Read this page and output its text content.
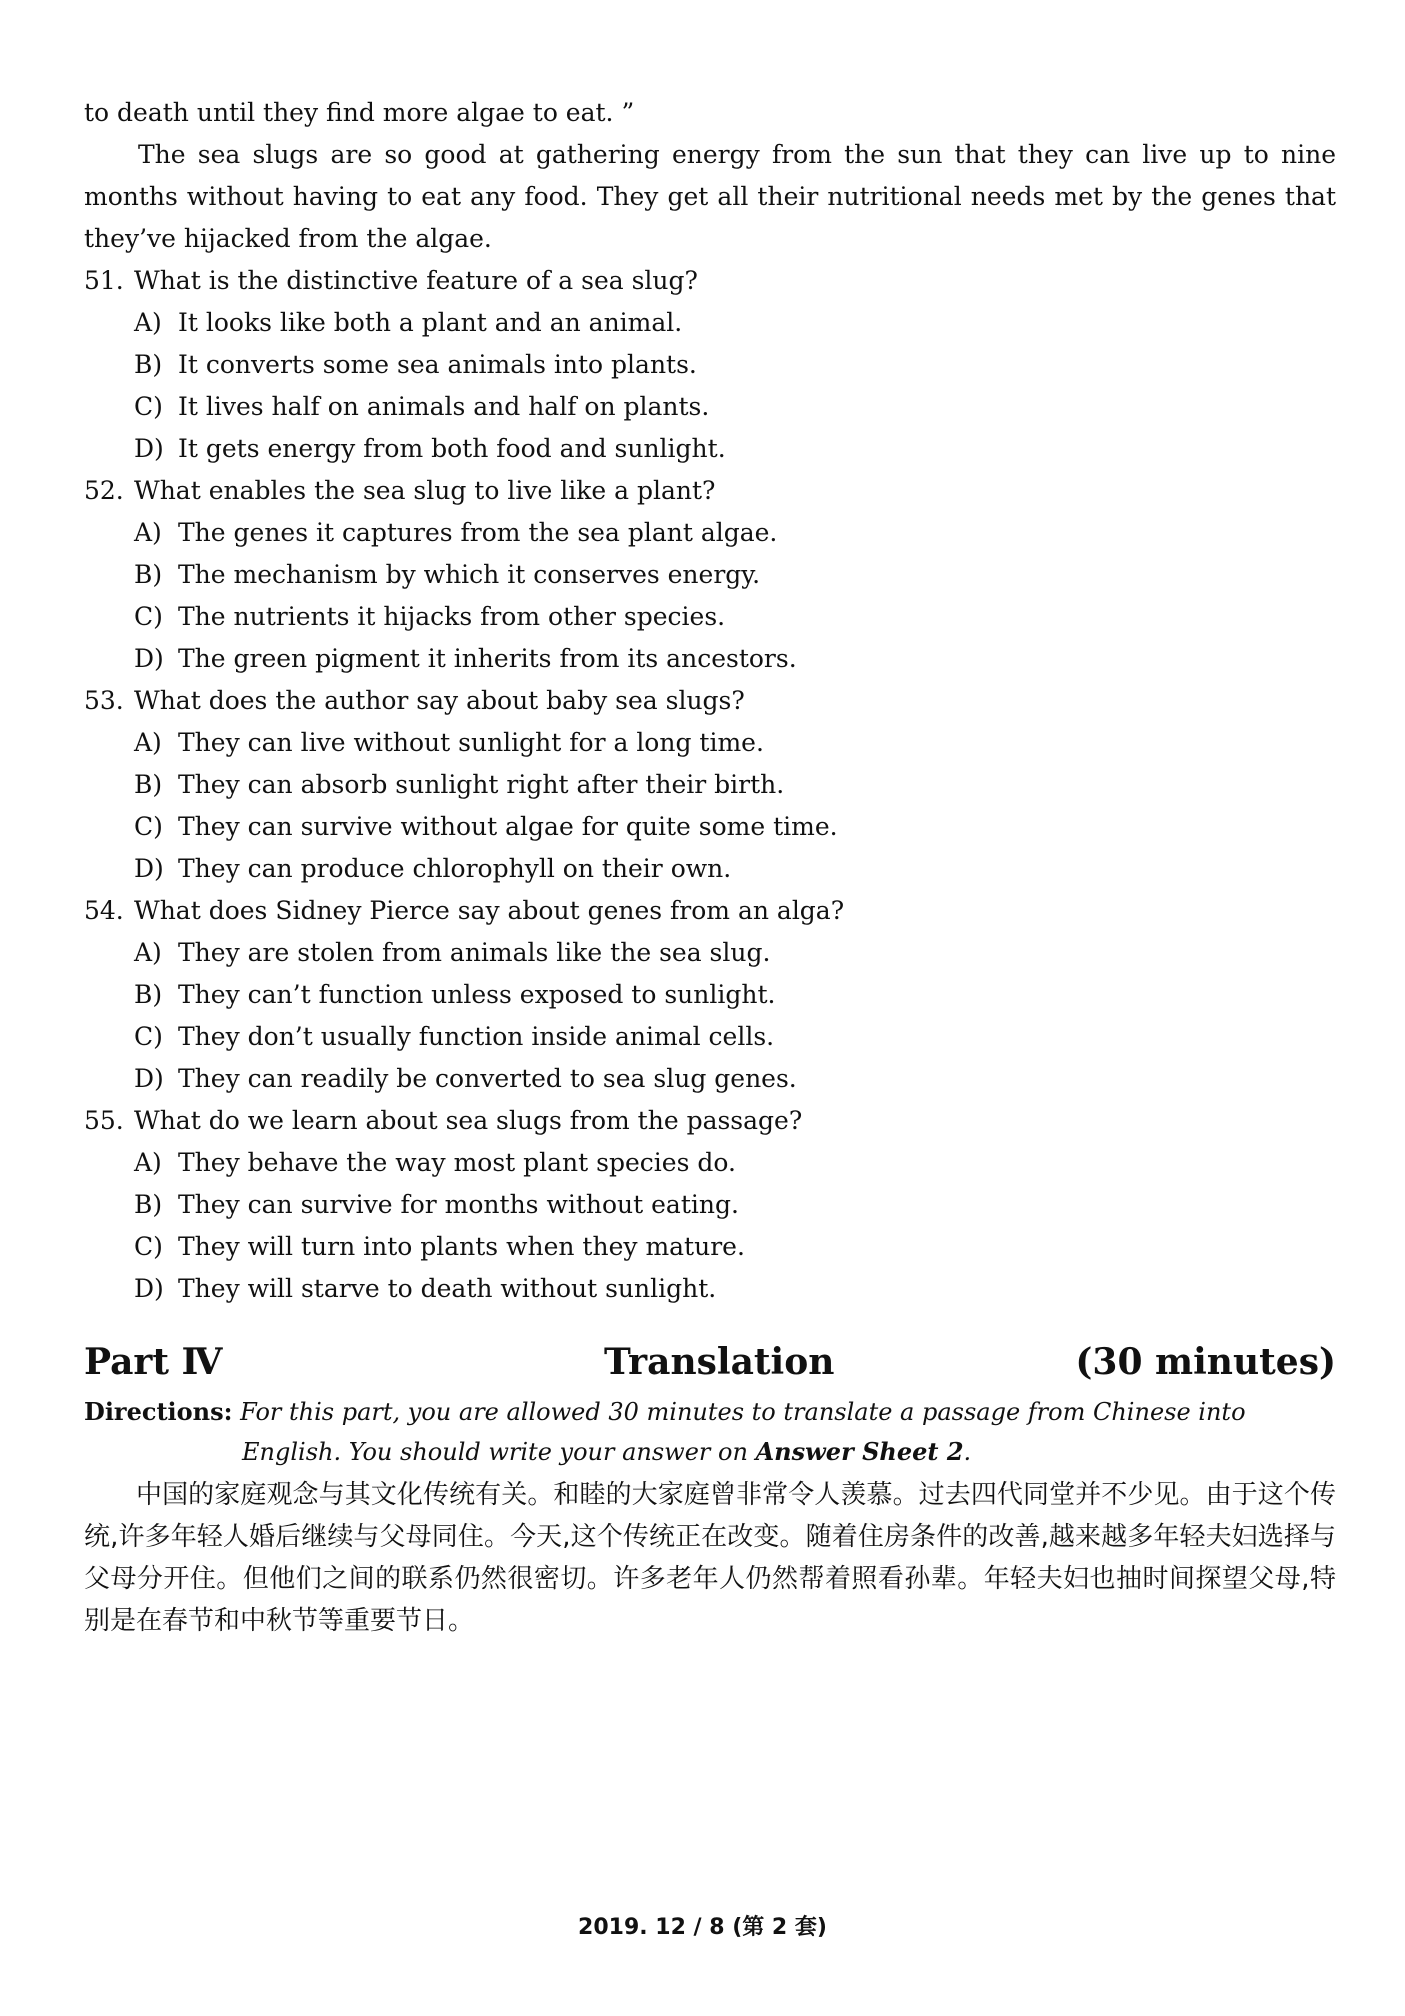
to death until they find more algae to eat. ”

The sea slugs are so good at gathering energy from the sun that they can live up to nine months without having to eat any food. They get all their nutritional needs met by the genes that they’ve hijacked from the algae.

51. What is the distinctive feature of a sea slug?
A) It looks like both a plant and an animal.
B) It converts some sea animals into plants.
C) It lives half on animals and half on plants.
D) It gets energy from both food and sunlight.
52. What enables the sea slug to live like a plant?
A) The genes it captures from the sea plant algae.
B) The mechanism by which it conserves energy.
C) The nutrients it hijacks from other species.
D) The green pigment it inherits from its ancestors.
53. What does the author say about baby sea slugs?
A) They can live without sunlight for a long time.
B) They can absorb sunlight right after their birth.
C) They can survive without algae for quite some time.
D) They can produce chlorophyll on their own.
54. What does Sidney Pierce say about genes from an alga?
A) They are stolen from animals like the sea slug.
B) They can’t function unless exposed to sunlight.
C) They don’t usually function inside animal cells.
D) They can readily be converted to sea slug genes.
55. What do we learn about sea slugs from the passage?
A) They behave the way most plant species do.
B) They can survive for months without eating.
C) They will turn into plants when they mature.
D) They will starve to death without sunlight.
Part Ⅳ	Translation	(30 minutes)
Directions: For this part, you are allowed 30 minutes to translate a passage from Chinese into
English. You should write your answer on Answer Sheet 2.

中国的家庭观念与其文化传统有关。和睦的大家庭曾非常令人羡慕。过去四代同堂并不少见。由于这个传统,许多年轻人婚后继续与父母同住。今天,这个传统正在改变。随着住房条件的改善,越来越多年轻夫妇选择与父母分开住。但他们之间的联系仍然很密切。许多老年人仍然帮着照看孙辈。年轻夫妇也抽时间探望父母,特别是在春节和中秋节等重要节日。

2019. 12 / 8 (第 2 套)
